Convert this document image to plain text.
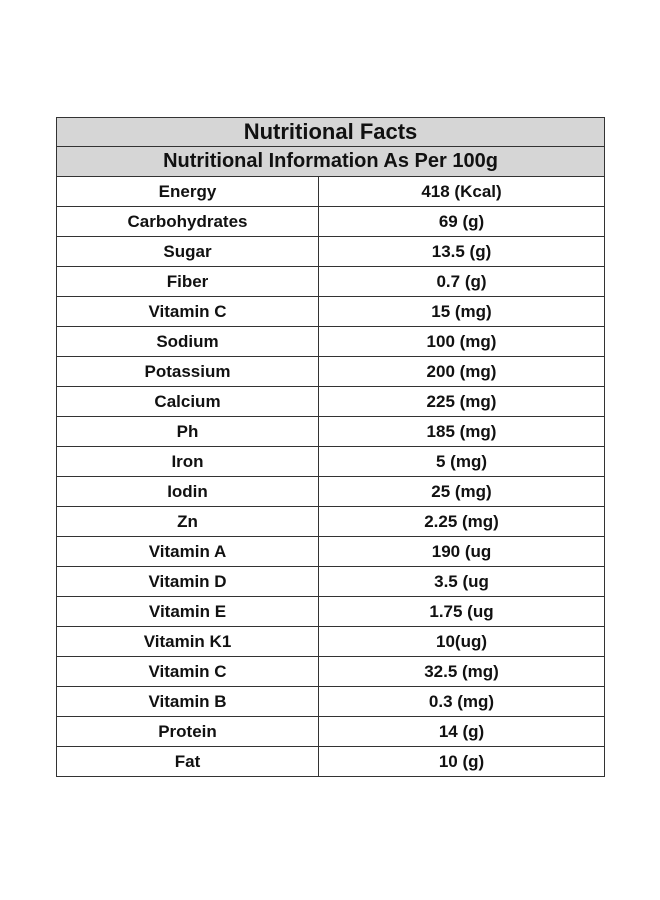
Nutritional Facts	
Nutritional Information As Per 100g	
Energy	418 (Kcal)
Carbohydrates	69 (g)
Sugar	13.5 (g)
Fiber	0.7 (g)
Vitamin C	15 (mg)
Sodium	100 (mg)
Potassium	200 (mg)
Calcium	225 (mg)
Ph	185 (mg)
Iron	5 (mg)
Iodin	25 (mg)
Zn	2.25 (mg)
Vitamin A	190 (ug
Vitamin D	3.5 (ug
Vitamin E	1.75 (ug
Vitamin K1	10(ug)
Vitamin C	32.5 (mg)
Vitamin B	0.3 (mg)
Protein	14 (g)
Fat	10 (g)
